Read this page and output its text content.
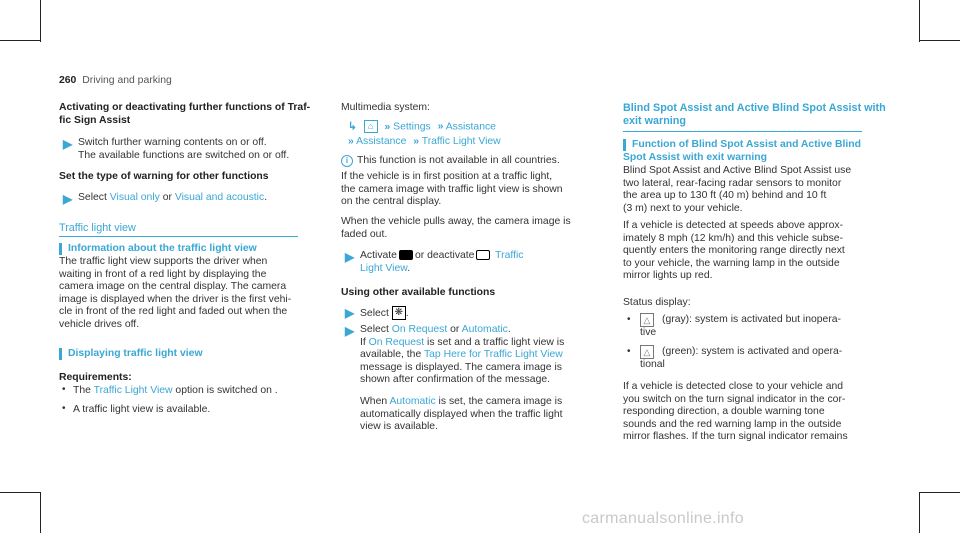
260 Driving and parking
Activating or deactivating further functions of Traf-
fic Sign Assist
▶ Switch further warning contents on or off.
The available functions are switched on or off.
Set the type of warning for other functions
▶ Select Visual only or Visual and acoustic.
Traffic light view
Information about the traffic light view
The traffic light view supports the driver when
waiting in front of a red light by displaying the
camera image on the central display. The camera
image is displayed when the driver is the first vehi-
cle in front of the red light and faded out when the
vehicle drives off.
Displaying traffic light view
Requirements:
• The Traffic Light View option is switched on .
• A traffic light view is available.
Multimedia system:
↳ ⌂ » Settings » Assistance
» Assistance » Traffic Light View
i This function is not available in all countries.
If the vehicle is in first position at a traffic light,
the camera image with traffic light view is shown
on the central display.
When the vehicle pulls away, the camera image is
faded out.
▶ Activate or deactivate Traffic
Light View.
Using other available functions
▶ Select ❋ .
▶ Select On Request or Automatic.
If On Request is set and a traffic light view is
available, the Tap Here for Traffic Light View
message is displayed. The camera image is
shown after confirmation of the message.
When Automatic is set, the camera image is
automatically displayed when the traffic light
view is available.
Blind Spot Assist and Active Blind Spot Assist with
exit warning
Function of Blind Spot Assist and Active Blind
Spot Assist with exit warning
Blind Spot Assist and Active Blind Spot Assist use
two lateral, rear-facing radar sensors to monitor
the area up to 130 ft (40 m) behind and 10 ft
(3 m) next to your vehicle.
If a vehicle is detected at speeds above approx-
imately 8 mph (12 km/h) and this vehicle subse-
quently enters the monitoring range directly next
to your vehicle, the warning lamp in the outside
mirror lights up red.
Status display:
•	△	(gray): system is activated but inopera-
tive
•	△	(green): system is activated and opera-
tional
If a vehicle is detected close to your vehicle and
you switch on the turn signal indicator in the cor-
responding direction, a double warning tone
sounds and the red warning lamp in the outside
mirror flashes. If the turn signal indicator remains
carmanualsonline.info
